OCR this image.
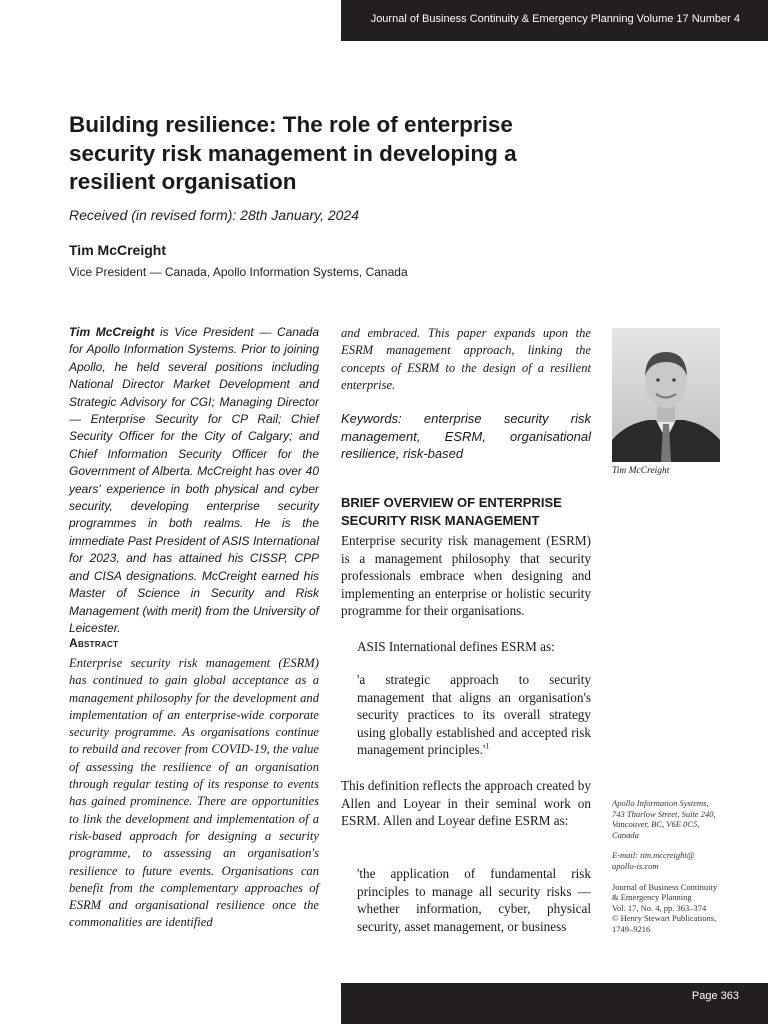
Journal of Business Continuity & Emergency Planning Volume 17 Number 4
Building resilience: The role of enterprise security risk management in developing a resilient organisation
Received (in revised form): 28th January, 2024
Tim McCreight
Vice President — Canada, Apollo Information Systems, Canada

Tim McCreight is Vice President — Canada for Apollo Information Systems. Prior to joining Apollo, he held several positions including National Director Market Development and Strategic Advisory for CGI; Managing Director — Enterprise Security for CP Rail; Chief Security Officer for the City of Calgary; and Chief Information Security Officer for the Government of Alberta. McCreight has over 40 years' experience in both physical and cyber security, developing enterprise security programmes in both realms. He is the immediate Past President of ASIS International for 2023, and has attained his CISSP, CPP and CISA designations. McCreight earned his Master of Science in Security and Risk Management (with merit) from the University of Leicester.

Abstract

Enterprise security risk management (ESRM) has continued to gain global acceptance as a management philosophy for the development and implementation of an enterprise-wide corporate security programme. As organisations continue to rebuild and recover from COVID-19, the value of assessing the resilience of an organisation through regular testing of its response to events has gained prominence. There are opportunities to link the development and implementation of a risk-based approach for designing a security programme, to assessing an organisation's resilience to future events. Organisations can benefit from the complementary approaches of ESRM and organisational resilience once the commonalities are identified

and embraced. This paper expands upon the ESRM management approach, linking the concepts of ESRM to the design of a resilient enterprise.

Keywords: enterprise security risk management, ESRM, organisational resilience, risk-based

BRIEF OVERVIEW OF ENTERPRISE SECURITY RISK MANAGEMENT

Enterprise security risk management (ESRM) is a management philosophy that security professionals embrace when designing and implementing an enterprise or holistic security programme for their organisations.

ASIS International defines ESRM as:

'a strategic approach to security management that aligns an organisation's security practices to its overall strategy using globally established and accepted risk management $principles.'^1$

This definition reflects the approach created by Allen and Loyear in their seminal work on ESRM. Allen and Loyear define ESRM as:

'the application of fundamental risk principles to manage all security risks — whether information, cyber, physical security, asset management, or business

Tim McCreight

Apollo Information Systems,

743 Thurlow Street, Suite 240,

Vancouver, BC, V6E 0C5,

Canada

E-mail: tim.mccreight@

apollo-is.com

Journal of Business Continuity

& Emergency Planning

Vol. 17, No. 4, pp. 363–374

© Henry Stewart Publications,

1749–9216

Page 363
